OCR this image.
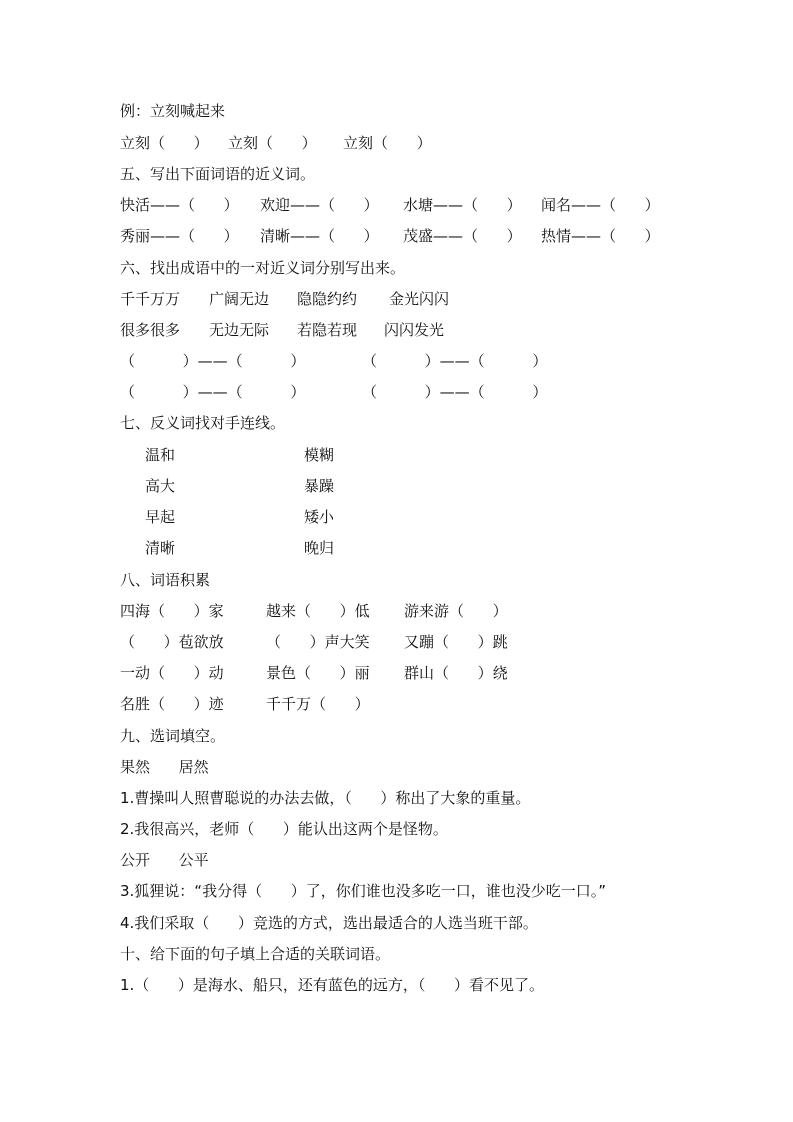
例：立刻喊起来
立刻（      ） 立刻（      ） 立刻（      ）
五、写出下面词语的近义词。
快活——（      ） 欢迎——（      ） 水塘——（      ） 闻名——（      ）
秀丽——（      ） 清晰——（      ） 茂盛——（      ） 热情——（      ）
六、找出成语中的一对近义词分别写出来。
千千万万 广阔无边 隐隐约约 金光闪闪
很多很多 无边无际 若隐若现 闪闪发光
（          ）——（          ）	（          ）——（          ）
（          ）——（          ）	（          ）——（          ）
七、反义词找对手连线。
温和	模糊
高大	暴躁
早起	矮小
清晰	晚归
八、词语积累
四海（      ）家	越来（      ）低 游来游（      ）
（      ）苞欲放	（      ）声大笑 又蹦（      ）跳
一动（      ）动	景色（      ）丽 群山（      ）绕
名胜（      ）迹	千千万（      ）
九、选词填空。
果然      居然
1.曹操叫人照曹聪说的办法去做，（      ）称出了大象的重量。
2.我很高兴，老师（      ）能认出这两个是怪物。
公开      公平
3.狐狸说：“我分得（      ）了，你们谁也没多吃一口，谁也没少吃一口。”
4.我们采取（      ）竞选的方式，选出最适合的人选当班干部。
十、给下面的句子填上合适的关联词语。
1.（      ）是海水、船只，还有蓝色的远方，（      ）看不见了。
